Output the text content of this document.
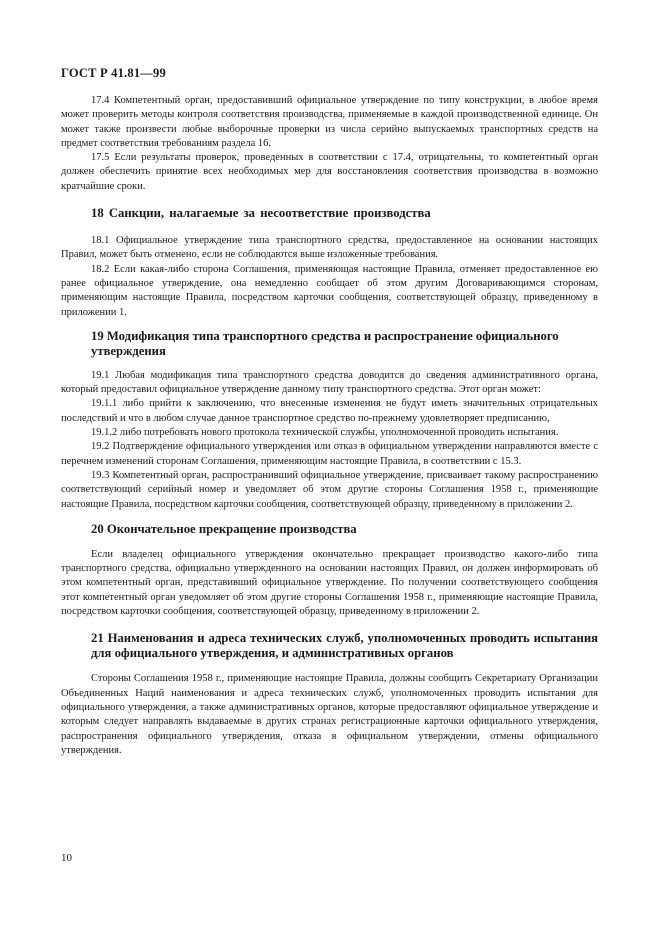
ГОСТ Р 41.81—99

17.4 Компетентный орган, предоставивший официальное утверждение по типу конструкции, в любое время может проверить методы контроля соответствия производства, применяемые в каждой производственной единице. Он может также произвести любые выборочные проверки из числа серийно выпускаемых транспортных средств на предмет соответствия требованиям раздела 16.

17.5 Если результаты проверок, проведенных в соответствии с 17.4, отрицательны, то компетентный орган должен обеспечить принятие всех необходимых мер для восстановления соответствия производства в возможно кратчайшие сроки.

18 Санкции, налагаемые за несоответствие производства

18.1 Официальное утверждение типа транспортного средства, предоставленное на основании настоящих Правил, может быть отменено, если не соблюдаются выше изложенные требования.

18.2 Если какая-либо сторона Соглашения, применяющая настоящие Правила, отменяет предоставленное ею ранее официальное утверждение, она немедленно сообщает об этом другим Договаривающимся сторонам, применяющим настоящие Правила, посредством карточки сообщения, соответствующей образцу, приведенному в приложении 1.

19 Модификация типа транспортного средства и распространение официального утверждения

19.1 Любая модификация типа транспортного средства доводится до сведения административного органа, который предоставил официальное утверждение данному типу транспортного средства. Этот орган может:

19.1.1 либо прийти к заключению, что внесенные изменения не будут иметь значительных отрицательных последствий и что в любом случае данное транспортное средство по-прежнему удовлетворяет предписанию,

19.1.2 либо потребовать нового протокола технической службы, уполномоченной проводить испытания.

19.2 Подтверждение официального утверждения или отказ в официальном утверждении направляются вместе с перечнем изменений сторонам Соглашения, применяющим настоящие Правила, в соответствии с 15.3.

19.3 Компетентный орган, распространивший официальное утверждение, присваивает такому распространению соответствующий серийный номер и уведомляет об этом другие стороны Соглашения 1958 г., применяющие настоящие Правила, посредством карточки сообщения, соответствующей образцу, приведенному в приложении 2.

20 Окончательное прекращение производства

Если владелец официального утверждения окончательно прекращает производство какого-либо типа транспортного средства, официально утвержденного на основании настоящих Правил, он должен информировать об этом компетентный орган, представивший официальное утверждение. По получении соответствующего сообщения этот компетентный орган уведомляет об этом другие стороны Соглашения 1958 г., применяющие настоящие Правила, посредством карточки сообщения, соответствующей образцу, приведенному в приложении 2.

21 Наименования и адреса технических служб, уполномоченных проводить испытания для официального утверждения, и административных органов

Стороны Соглашения 1958 г., применяющие настоящие Правила, должны сообщить Секретариату Организации Объединенных Наций наименования и адреса технических служб, уполномоченных проводить испытания для официального утверждения, а также административных органов, которые предоставляют официальное утверждение и которым следует направлять выдаваемые в других странах регистрационные карточки официального утверждения, распространения официального утверждения, отказа в официальном утверждении, отмены официального утверждения.

10
